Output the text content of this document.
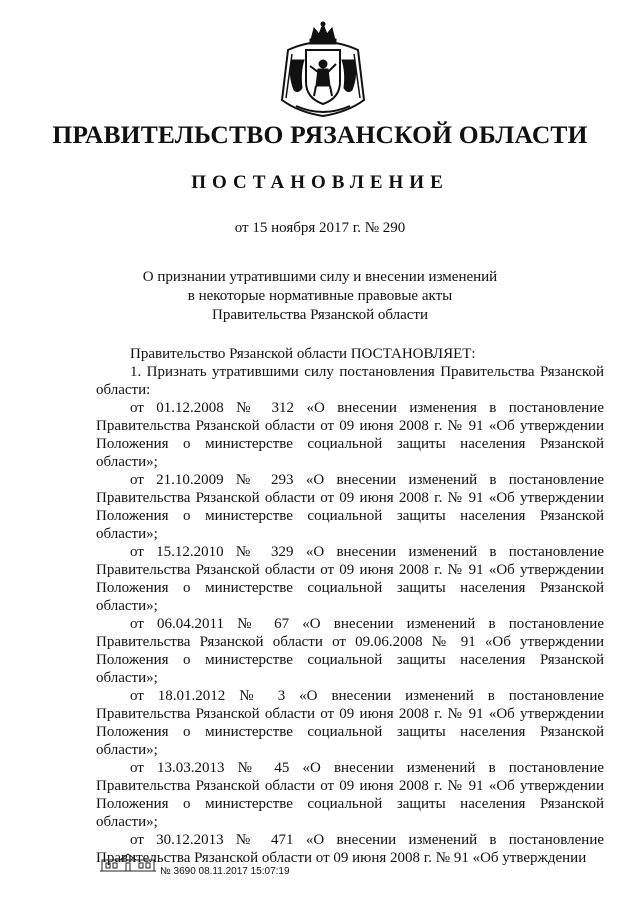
ПРАВИТЕЛЬСТВО РЯЗАНСКОЙ ОБЛАСТИ
ПОСТАНОВЛЕНИЕ
от 15 ноября 2017 г. № 290
О признании утратившими силу и внесении изменений
в некоторые нормативные правовые акты
Правительства Рязанской области

Правительство Рязанской области ПОСТАНОВЛЯЕТ:

1. Признать утратившими силу постановления Правительства Рязанской области:

от 01.12.2008 № 312 «О внесении изменения в постановление Правительства Рязанской области от 09 июня 2008 г. № 91 «Об утверждении Положения о министерстве социальной защиты населения Рязанской области»;

от 21.10.2009 № 293 «О внесении изменений в постановление Правительства Рязанской области от 09 июня 2008 г. № 91 «Об утверждении Положения о министерстве социальной защиты населения Рязанской области»;

от 15.12.2010 № 329 «О внесении изменений в постановление Правительства Рязанской области от 09 июня 2008 г. № 91 «Об утверждении Положения о министерстве социальной защиты населения Рязанской области»;

от 06.04.2011 № 67 «О внесении изменений в постановление Правительства Рязанской области от 09.06.2008 № 91 «Об утверждении Положения о министерстве социальной защиты населения Рязанской области»;

от 18.01.2012 № 3 «О внесении изменений в постановление Правительства Рязанской области от 09 июня 2008 г. № 91 «Об утверждении Положения о министерстве социальной защиты населения Рязанской области»;

от 13.03.2013 № 45 «О внесении изменений в постановление Правительства Рязанской области от 09 июня 2008 г. № 91 «Об утверждении Положения о министерстве социальной защиты населения Рязанской области»;

от 30.12.2013 № 471 «О внесении изменений в постановление Правительства Рязанской области от 09 июня 2008 г. № 91 «Об утверждении

№ 3690 08.11.2017 15:07:19
